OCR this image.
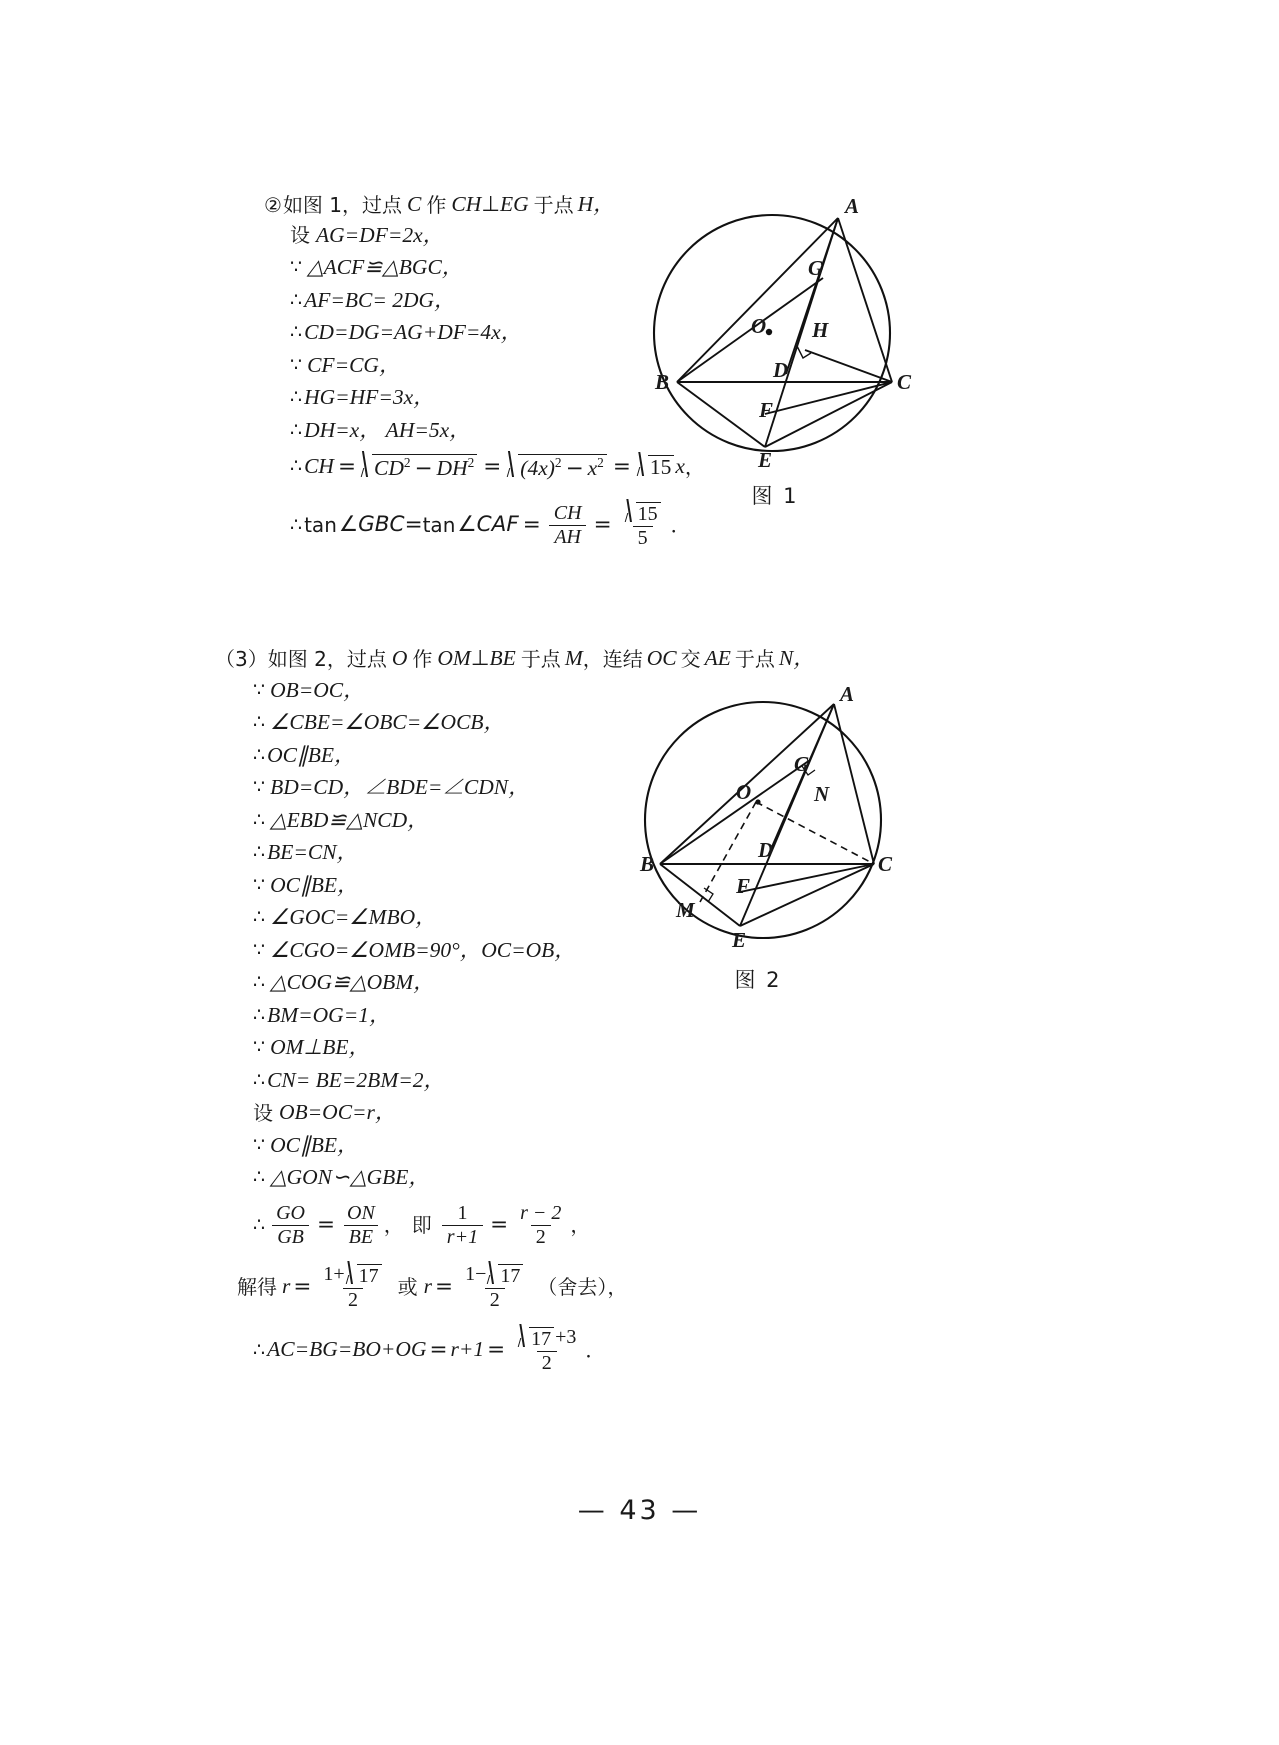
② 如图 1，过点 C 作 CH ⊥ EG 于点 H，
设 AG=DF=2x，
∵ △ACF≌△BGC，
∴ AF=BC= 2DG，
∴ CD=DG=AG+DF=4x，
∵ CF=CG，
∴ HG=HF=3x，
∴ DH=x， AH=5x，
∴ CH = $CD^2 - DH^2 = (4x)^2 - x^2 = 15$ x ，
∴ tan ∠GBC = tan ∠CAF = $\frac{CH}{AH} = \frac{15}{5}$ ．
A
G
O H
B	D	C
F
E
图 1
（3） 如图 2，过点 O 作 OM ⊥ BE 于点 M ，连结 OC 交 AE 于点 N，
∵ OB=OC，
∴ ∠CBE=∠OBC=∠OCB，
∴ OC∥BE，
∵ BD=CD，∠BDE=∠CDN，
∴ △EBD≌△NCD，
∴ BE=CN，
∵ OC∥BE，
∴ ∠GOC=∠MBO，
∵ ∠CGO=∠OMB=90°，OC=OB，
∴ △COG≌△OBM，
∴ BM=OG=1，
∵ OM⊥BE，
∴ CN= BE=2BM=2，
设 OB=OC=r，
∵ OC∥BE，
∴ △GON∽△GBE，
∴ $\frac{GO}{GB} = \frac{ON}{BE}$ ， 即 $\frac{1}{r+1} = \frac{r - 2}{2}$ ，
解得 $r = \frac{1+ 17}{2}$ 或 $r = \frac{1- 17}{2}$ （舍去），
∴ $AC=BG=BO+OG = r+1 = \frac{17 +3}{2}$ ．
A
G
O	N
B
D
C
F
M
E
图 2
— 43 —
